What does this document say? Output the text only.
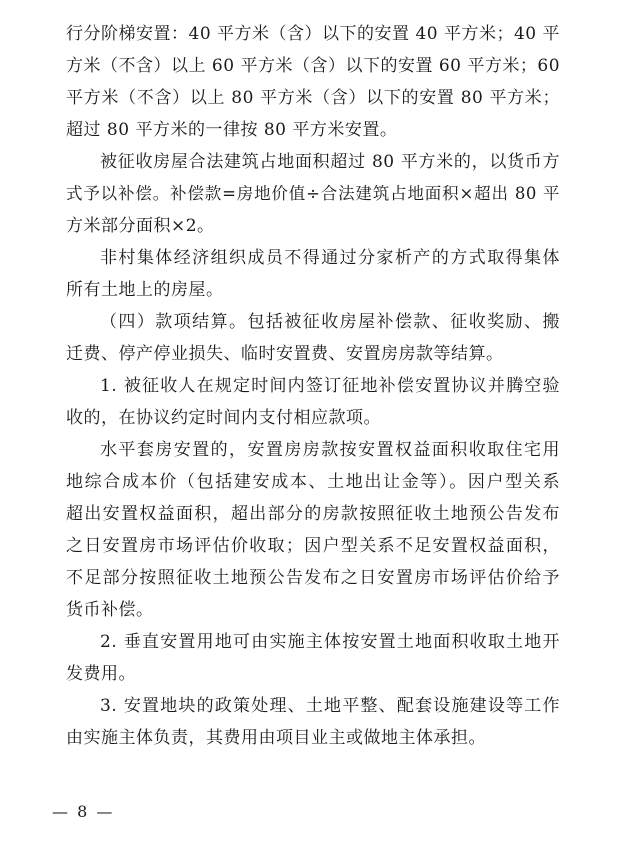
行分阶梯安置：40 平方米（含）以下的安置 40 平方米；40 平
方米（不含）以上 60 平方米（含）以下的安置 60 平方米；60
平方米（不含）以上 80 平方米（含）以下的安置 80 平方米；
超过 80 平方米的一律按 80 平方米安置。
被征收房屋合法建筑占地面积超过 80 平方米的，以货币方
式予以补偿。补偿款=房地价值÷合法建筑占地面积×超出 80 平
方米部分面积×2。
非村集体经济组织成员不得通过分家析产的方式取得集体
所有土地上的房屋。
（四）款项结算。包括被征收房屋补偿款、征收奖励、搬
迁费、停产停业损失、临时安置费、安置房房款等结算。
1. 被征收人在规定时间内签订征地补偿安置协议并腾空验
收的，在协议约定时间内支付相应款项。
水平套房安置的，安置房房款按安置权益面积收取住宅用
地综合成本价（包括建安成本、土地出让金等）。因户型关系
超出安置权益面积，超出部分的房款按照征收土地预公告发布
之日安置房市场评估价收取；因户型关系不足安置权益面积，
不足部分按照征收土地预公告发布之日安置房市场评估价给予
货币补偿。
2. 垂直安置用地可由实施主体按安置土地面积收取土地开
发费用。
3. 安置地块的政策处理、土地平整、配套设施建设等工作
由实施主体负责，其费用由项目业主或做地主体承担。
— 8 —
